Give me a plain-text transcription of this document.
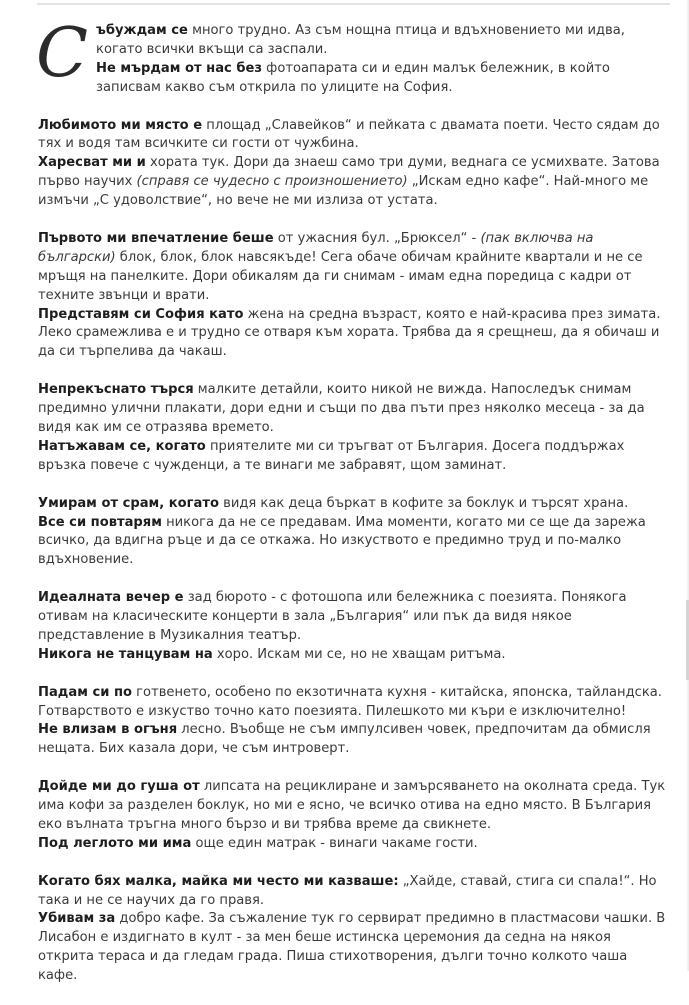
Събуждам се много трудно. Аз съм нощна птица и вдъхновението ми идва, когато всички вкъщи са заспали.
Не мърдам от нас без фотоапарата си и един малък бележник, в който записвам какво съм открила по улиците на София.

Любимото ми място е площад „Славейков“ и пейката с двамата поети. Често сядам до тях и водя там всичките си гости от чужбина.
Харесват ми и хората тук. Дори да знаеш само три думи, веднага се усмихвате. Затова първо научих (справя се чудесно с произношението) „Искам едно кафе“. Най-много ме измъчи „С удоволствие“, но вече не ми излиза от устата.

Първото ми впечатление беше от ужасния бул. „Брюксел“ - (пак включва на български) блок, блок, блок навсякъде! Сега обаче обичам крайните квартали и не се мръщя на панелките. Дори обикалям да ги снимам - имам една поредица с кадри от техните звънци и врати.
Представям си София като жена на средна възраст, която е най-красива през зимата. Леко срамежлива е и трудно се отваря към хората. Трябва да я срещнеш, да я обичаш и да си търпелива да чакаш.

Непрекъснато търся малките детайли, които никой не вижда. Напоследък снимам предимно улични плакати, дори едни и същи по два пъти през няколко месеца - за да видя как им се отразява времето.
Натъжавам се, когато приятелите ми си тръгват от България. Досега поддържах връзка повече с чужденци, а те винаги ме забравят, щом заминат.

Умирам от срам, когато видя как деца бъркат в кофите за боклук и търсят храна.
Все си повтарям никога да не се предавам. Има моменти, когато ми се ще да зарежа всичко, да вдигна ръце и да се откажа. Но изкуството е предимно труд и по-малко вдъхновение.

Идеалната вечер е зад бюрото - с фотошопа или бележника с поезията. Понякога отивам на класическите концерти в зала „България“ или пък да видя някое представление в Музикалния театър.
Никога не танцувам на хоро. Искам ми се, но не хващам ритъма.

Падам си по готвенето, особено по екзотичната кухня - китайска, японска, тайландска. Готварството е изкуство точно като поезията. Пилешкото ми къри е изключително!
Не влизам в огъня лесно. Въобще не съм импулсивен човек, предпочитам да обмисля нещата. Бих казала дори, че съм интроверт.

Дойде ми до гуша от липсата на рециклиране и замърсяването на околната среда. Тук има кофи за разделен боклук, но ми е ясно, че всичко отива на едно място. В България еко вълната тръгна много бързо и ви трябва време да свикнете.
Под леглото ми има още един матрак - винаги чакаме гости.

Когато бях малка, майка ми често ми казваше: „Хайде, ставай, стига си спала!“. Но така и не се научих да го правя.
Убивам за добро кафе. За съжаление тук го сервират предимно в пластмасови чашки. В Лисабон е издигнато в култ - за мен беше истинска церемония да седна на някоя открита тераса и да гледам града. Пиша стихотворения, дълги точно колкото чаша кафе.
